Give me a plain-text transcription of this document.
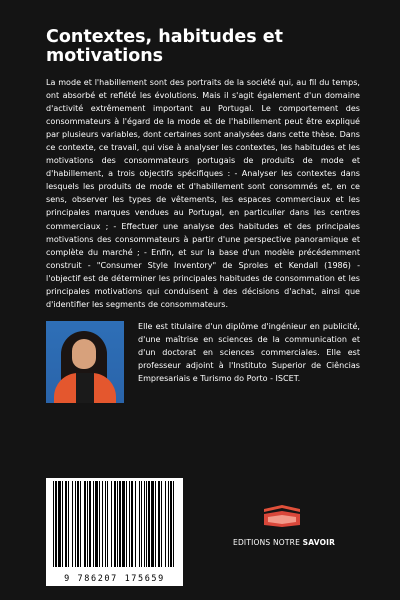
Contextes, habitudes et motivations

La mode et l'habillement sont des portraits de la société qui, au fil du temps, ont absorbé et reflété les évolutions. Mais il s'agit également d'un domaine d'activité extrêmement important au Portugal. Le comportement des consommateurs à l'égard de la mode et de l'habillement peut être expliqué par plusieurs variables, dont certaines sont analysées dans cette thèse. Dans ce contexte, ce travail, qui vise à analyser les contextes, les habitudes et les motivations des consommateurs portugais de produits de mode et d'habillement, a trois objectifs spécifiques : - Analyser les contextes dans lesquels les produits de mode et d'habillement sont consommés et, en ce sens, observer les types de vêtements, les espaces commerciaux et les principales marques vendues au Portugal, en particulier dans les centres commerciaux ; - Effectuer une analyse des habitudes et des principales motivations des consommateurs à partir d'une perspective panoramique et complète du marché ; - Enfin, et sur la base d'un modèle précédemment construit - "Consumer Style Inventory" de Sproles et Kendall (1986) - l'objectif est de déterminer les principales habitudes de consommation et les principales motivations qui conduisent à des décisions d'achat, ainsi que d'identifier les segments de consommateurs.

Elle est titulaire d'un diplôme d'ingénieur en publicité, d'une maîtrise en sciences de la communication et d'un doctorat en sciences commerciales. Elle est professeur adjoint à l'Instituto Superior de Ciências Empresariais e Turismo do Porto - ISCET.

9 786207 175659
EDITIONS NOTRE SAVOIR
